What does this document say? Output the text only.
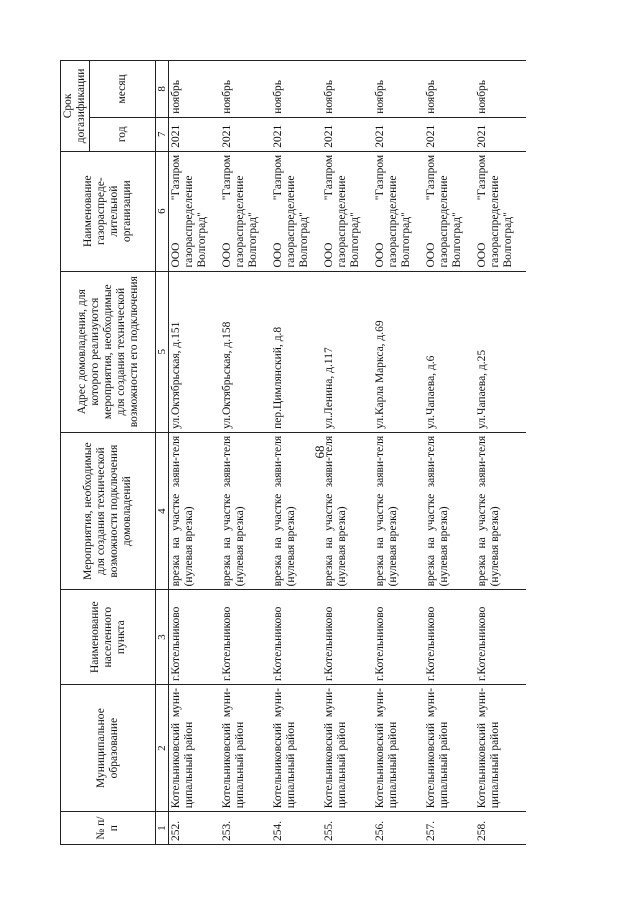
68
№ п/п	Муниципальное образование	Наименование населенного пункта	Мероприятия, необходимые для создания технической возможности подключения домовладений	Адрес домовладения, для которого реализуются мероприятия, необходимые для создания технической возможности его подключения	Наименование газораспреде-лительной организации	Срок догазификации	
						год	месяц
1	2	3	4	5	6	7	8
252.	Котельниковский муни-ципальный район	г.Котельниково	врезка на участке заяви-теля (нулевая врезка)	ул.Октябрьская, д.151	ООО "Газпром газораспределение Волгоград"	2021	ноябрь
253.	Котельниковский муни-ципальный район	г.Котельниково	врезка на участке заяви-теля (нулевая врезка)	ул.Октябрьская, д.158	ООО "Газпром газораспределение Волгоград"	2021	ноябрь
254.	Котельниковский муни-ципальный район	г.Котельниково	врезка на участке заяви-теля (нулевая врезка)	пер.Цимлянский, д.8	ООО "Газпром газораспределение Волгоград"	2021	ноябрь
255.	Котельниковский муни-ципальный район	г.Котельниково	врезка на участке заяви-теля (нулевая врезка)	ул.Ленина, д.117	ООО "Газпром газораспределение Волгоград"	2021	ноябрь
256.	Котельниковский муни-ципальный район	г.Котельниково	врезка на участке заяви-теля (нулевая врезка)	ул.Карла Маркса, д.69	ООО "Газпром газораспределение Волгоград"	2021	ноябрь
257.	Котельниковский муни-ципальный район	г.Котельниково	врезка на участке заяви-теля (нулевая врезка)	ул.Чапаева, д.6	ООО "Газпром газораспределение Волгоград"	2021	ноябрь
258.	Котельниковский муни-ципальный район	г.Котельниково	врезка на участке заяви-теля (нулевая врезка)	ул.Чапаева, д.25	ООО "Газпром газораспределение Волгоград"	2021	ноябрь
